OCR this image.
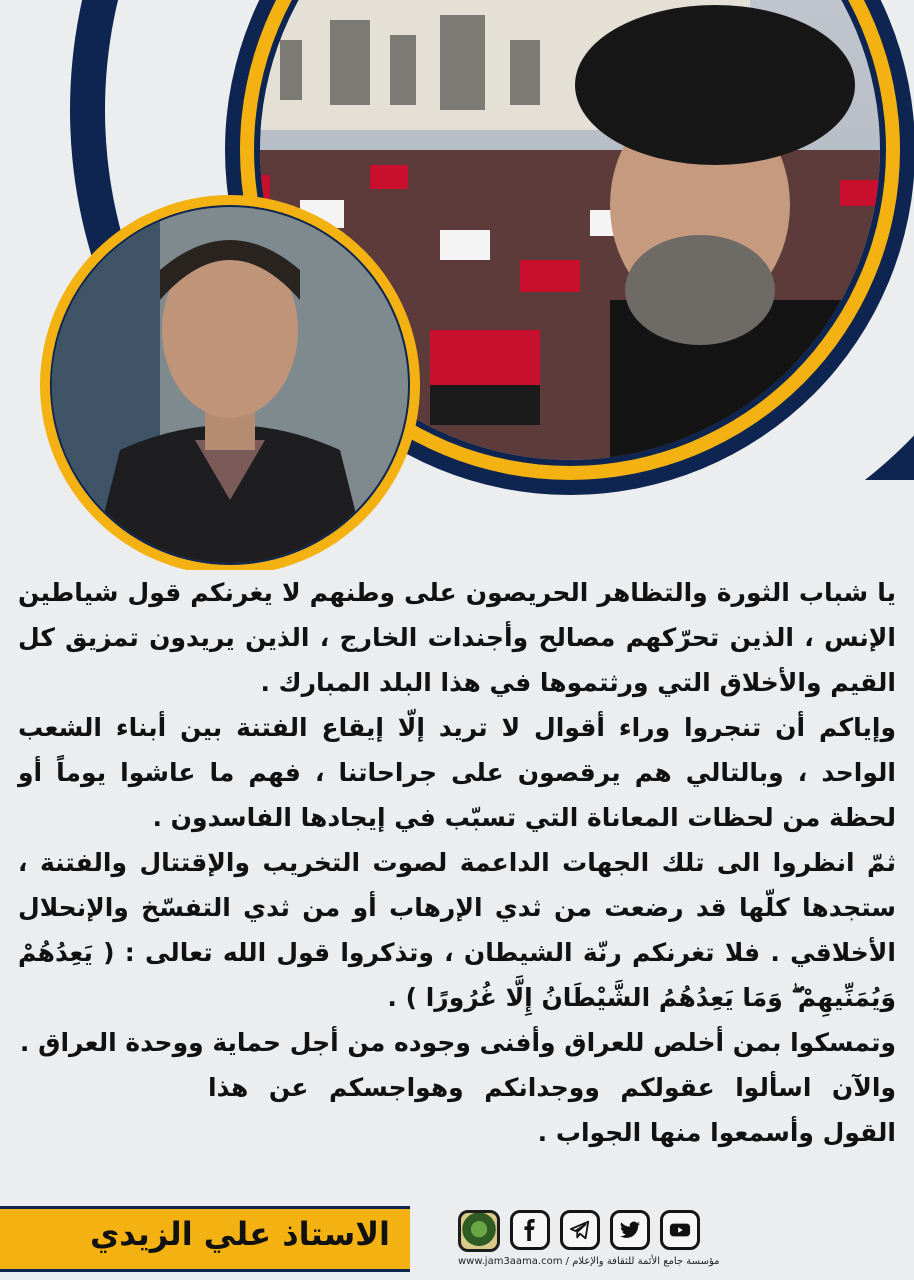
يا شباب الثورة والتظاهر الحريصون على وطنهم لا يغرنكم قول شياطين الإنس ، الذين تحرّكهم مصالح وأجندات الخارج ، الذين يريدون تمزيق كل القيم والأخلاق التي ورثتموها في هذا البلد المبارك .

وإياكم أن تنجروا وراء أقوال لا تريد إلّا إيقاع الفتنة بين أبناء الشعب الواحد ، وبالتالي هم يرقصون على جراحاتنا ، فهم ما عاشوا يوماً أو لحظة من لحظات المعاناة التي تسبّب في إيجادها الفاسدون .

ثمّ انظروا الى تلك الجهات الداعمة لصوت التخريب والإقتتال والفتنة ، ستجدها كلّها قد رضعت من ثدي الإرهاب أو من ثدي التفسّخ والإنحلال الأخلاقي . فلا تغرنكم رنّة الشيطان ، وتذكروا قول الله تعالى : ( يَعِدُهُمْ وَيُمَنِّيهِمْ ۖ وَمَا يَعِدُهُمُ الشَّيْطَانُ إِلَّا غُرُورًا ) .

وتمسكوا بمن أخلص للعراق وأفنى وجوده من أجل حماية ووحدة العراق .

والآن اسألوا عقولكم ووجدانكم وهواجسكم عن هذا القول وأسمعوا منها الجواب .

الاستاذ علي الزيدي
www.jam3aama.com / مؤسسة جامع الأئمة للثقافة والإعلام
